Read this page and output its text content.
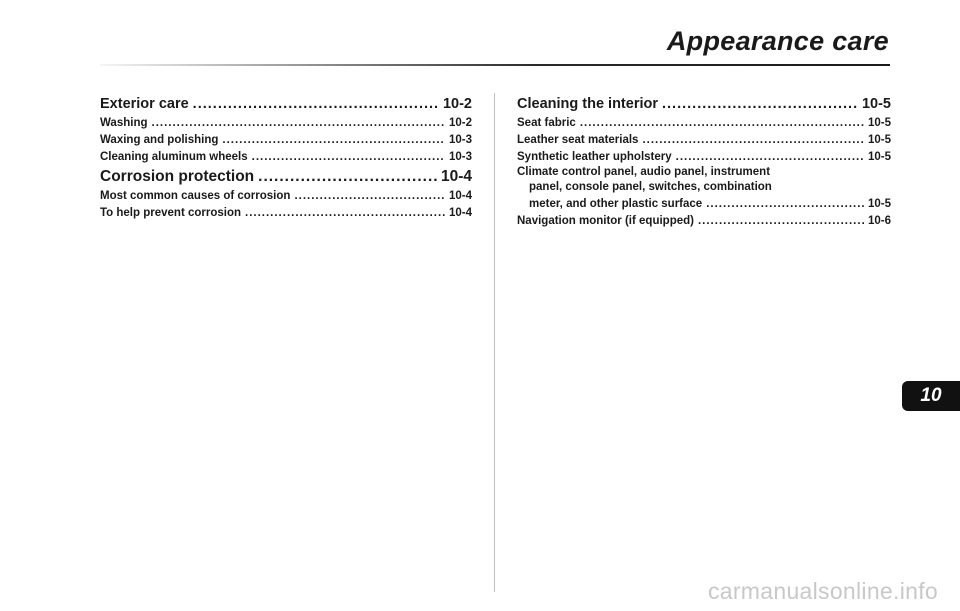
Appearance care
Exterior care .....	10-2
Washing .....	10-2
Waxing and polishing .....	10-3
Cleaning aluminum wheels .....	10-3
Corrosion protection .....	10-4
Most common causes of corrosion .....	10-4
To help prevent corrosion .....	10-4
Cleaning the interior .....	10-5
Seat fabric .....	10-5
Leather seat materials .....	10-5
Synthetic leather upholstery .....	10-5
Climate control panel, audio panel, instrument
panel, console panel, switches, combination
meter, and other plastic surface .....	10-5
Navigation monitor (if equipped) .....	10-6
10
carmanualsonline.info
